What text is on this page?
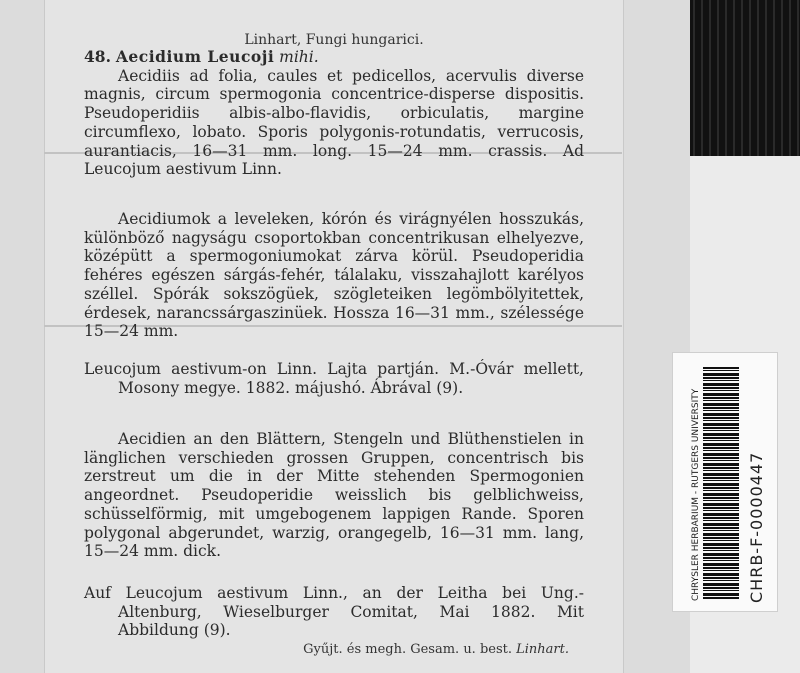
Linhart, Fungi hungarici.

48. Aecidium Leucoji mihi.

Aecidiis ad folia, caules et pedicellos, acervulis diverse magnis, circum spermogonia concentrice-disperse dispositis. Pseudoperidiis albis-albo-flavidis, orbiculatis, margine circumflexo, lobato. Sporis polygonis-rotundatis, verrucosis, aurantiacis, 16—31 mm. long. 15—24 mm. crassis. Ad Leucojum aestivum Linn.

Aecidiumok a leveleken, kórón és virágnyélen hosszukás, különböző nagyságu csoportokban concentrikusan elhelyezve, középütt a spermogoniumokat zárva körül. Pseudoperidia fehéres egészen sárgás-fehér, tálalaku, visszahajlott karélyos széllel. Spórák sokszögüek, szögleteiken legömbölyitettek, érdesek, narancssárgaszinüek. Hossza 16—31 mm., szélessége 15—24 mm.

Leucojum aestivum-on Linn. Lajta partján. M.-Óvár mellett, Mosony megye. 1882. májushó. Ábrával (9).

Aecidien an den Blättern, Stengeln und Blüthenstielen in länglichen verschieden grossen Gruppen, concentrisch bis zerstreut um die in der Mitte stehenden Spermogonien angeordnet. Pseudoperidie weisslich bis gelblichweiss, schüsselförmig, mit umgebogenem lappigen Rande. Sporen polygonal abgerundet, warzig, orangegelb, 16—31 mm. lang, 15—24 mm. dick.

Auf Leucojum aestivum Linn., an der Leitha bei Ung.-Altenburg, Wieselburger Comitat, Mai 1882. Mit Abbildung (9).

Gyűjt. és megh. Gesam. u. best. Linhart.
CHRYSLER HERBARIUM - RUTGERS UNIVERSITY	CHRB-F-0000447
